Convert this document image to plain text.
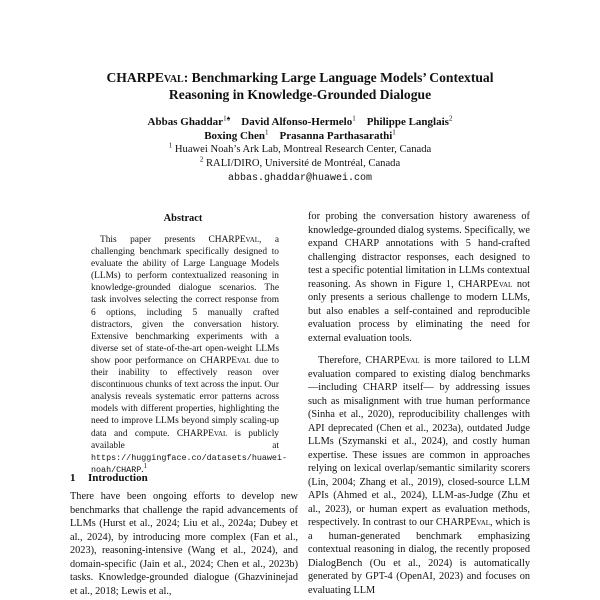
CHARPEval: Benchmarking Large Language Models’ Contextual
Reasoning in Knowledge-Grounded Dialogue
Abbas Ghaddar$^{1♠}$ David Alfonso-Hermelo$^1$ Philippe Langlais$^2$
Boxing Chen$^1$ Prasanna Parthasarathi$^1$
$^1$ Huawei Noah’s Ark Lab, Montreal Research Center, Canada
$^2$ RALI/DIRO, Université de Montréal, Canada
abbas.ghaddar@huawei.com
Abstract

This paper presents CHARPEval, a challenging benchmark specifically designed to evaluate the ability of Large Language Models (LLMs) to perform contextualized reasoning in knowledge-grounded dialogue scenarios. The task involves selecting the correct response from 6 options, including 5 manually crafted distractors, given the conversation history. Extensive benchmarking experiments with a diverse set of state-of-the-art open-weight LLMs show poor performance on CHARPEval due to their inability to effectively reason over discontinuous chunks of text across the input. Our analysis reveals systematic error patterns across models with different properties, highlighting the need to improve LLMs beyond simply scaling-up data and compute. CHARPEval is publicly available at https://huggingface.co/datasets/huawei-noah/CHARP.$^1$

1 Introduction

There have been ongoing efforts to develop new benchmarks that challenge the rapid advancements of LLMs (Hurst et al., 2024; Liu et al., 2024a; Dubey et al., 2024), by introducing more complex (Fan et al., 2023), reasoning-intensive (Wang et al., 2024), and domain-specific (Jain et al., 2024; Chen et al., 2023b) tasks. Knowledge-grounded dialogue (Ghazvininejad et al., 2018; Lewis et al.,

for probing the conversation history awareness of knowledge-grounded dialog systems. Specifically, we expand CHARP annotations with 5 hand-crafted challenging distractor responses, each designed to test a specific potential limitation in LLMs contextual reasoning. As shown in Figure 1, CHARPEval not only presents a serious challenge to modern LLMs, but also enables a self-contained and reproducible evaluation process by eliminating the need for external evaluation tools.

Therefore, CHARPEval is more tailored to LLM evaluation compared to existing dialog benchmarks —including CHARP itself— by addressing issues such as misalignment with true human performance (Sinha et al., 2020), reproducibility challenges with API deprecated (Chen et al., 2023a), outdated Judge LLMs (Szymanski et al., 2024), and costly human expertise. These issues are common in approaches relying on lexical overlap/semantic similarity scorers (Lin, 2004; Zhang et al., 2019), closed-source LLM APIs (Ahmed et al., 2024), LLM-as-Judge (Zhu et al., 2023), or human expert as evaluation methods, respectively. In contrast to our CHARPEval, which is a human-generated benchmark emphasizing contextual reasoning in dialog, the recently proposed DialogBench (Ou et al., 2024) is automatically generated by GPT-4 (OpenAI, 2023) and focuses on evaluating LLM
